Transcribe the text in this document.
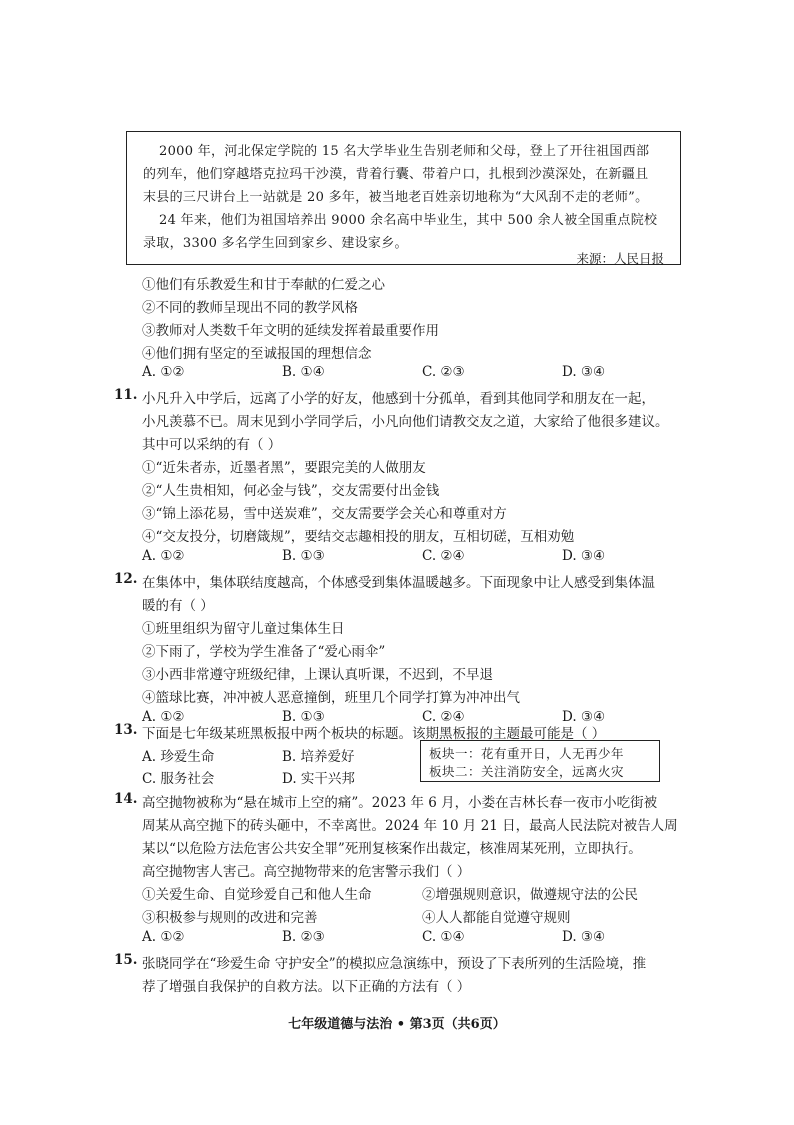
2000 年，河北保定学院的 15 名大学毕业生告别老师和父母，登上了开往祖国西部
的列车，他们穿越塔克拉玛干沙漠，背着行囊、带着户口，扎根到沙漠深处，在新疆且
末县的三尺讲台上一站就是 20 多年，被当地老百姓亲切地称为“大风刮不走的老师”。
24 年来，他们为祖国培养出 9000 余名高中毕业生，其中 500 余人被全国重点院校
录取，3300 多名学生回到家乡、建设家乡。
来源：人民日报
①他们有乐教爱生和甘于奉献的仁爱之心
②不同的教师呈现出不同的教学风格
③教师对人类数千年文明的延续发挥着最重要作用
④他们拥有坚定的至诚报国的理想信念
A. ①②	B. ①④	C. ②③	D. ③④
11. 小凡升入中学后，远离了小学的好友，他感到十分孤单，看到其他同学和朋友在一起，
小凡羡慕不已。周末见到小学同学后，小凡向他们请教交友之道，大家给了他很多建议。
其中可以采纳的有（ ）
①“近朱者赤，近墨者黑”，要跟完美的人做朋友
②“人生贵相知，何必金与钱”，交友需要付出金钱
③“锦上添花易，雪中送炭难”，交友需要学会关心和尊重对方
④“交友投分，切磨箴规”，要结交志趣相投的朋友，互相切磋，互相劝勉
A. ①②	B. ①③	C. ②④	D. ③④
12. 在集体中，集体联结度越高，个体感受到集体温暖越多。下面现象中让人感受到集体温
暖的有（ ）
①班里组织为留守儿童过集体生日
②下雨了，学校为学生准备了“爱心雨伞”
③小西非常遵守班级纪律，上课认真听课，不迟到，不早退
④篮球比赛，冲冲被人恶意撞倒，班里几个同学打算为冲冲出气
A. ①②	B. ①③	C. ②④	D. ③④
13. 下面是七年级某班黑板报中两个板块的标题。该期黑板报的主题最可能是（ ）
A. 珍爱生命	B. 培养爱好
C. 服务社会	D. 实干兴邦
板块一：花有重开日，人无再少年
板块二：关注消防安全，远离火灾
14. 高空抛物被称为“悬在城市上空的痛”。2023 年 6 月，小娄在吉林长春一夜市小吃街被
周某从高空抛下的砖头砸中，不幸离世。2024 年 10 月 21 日，最高人民法院对被告人周
某以“以危险方法危害公共安全罪”死刑复核案作出裁定，核准周某死刑，立即执行。
高空抛物害人害己。高空抛物带来的危害警示我们（ ）
①关爱生命、自觉珍爱自己和他人生命	②增强规则意识，做遵规守法的公民
③积极参与规则的改进和完善	④人人都能自觉遵守规则
A. ①②	B. ②③	C. ①④	D. ③④
15. 张晓同学在“珍爱生命 守护安全”的模拟应急演练中，预设了下表所列的生活险境，推
荐了增强自我保护的自救方法。以下正确的方法有（ ）
七年级道德与法治 • 第3页（共6页）
